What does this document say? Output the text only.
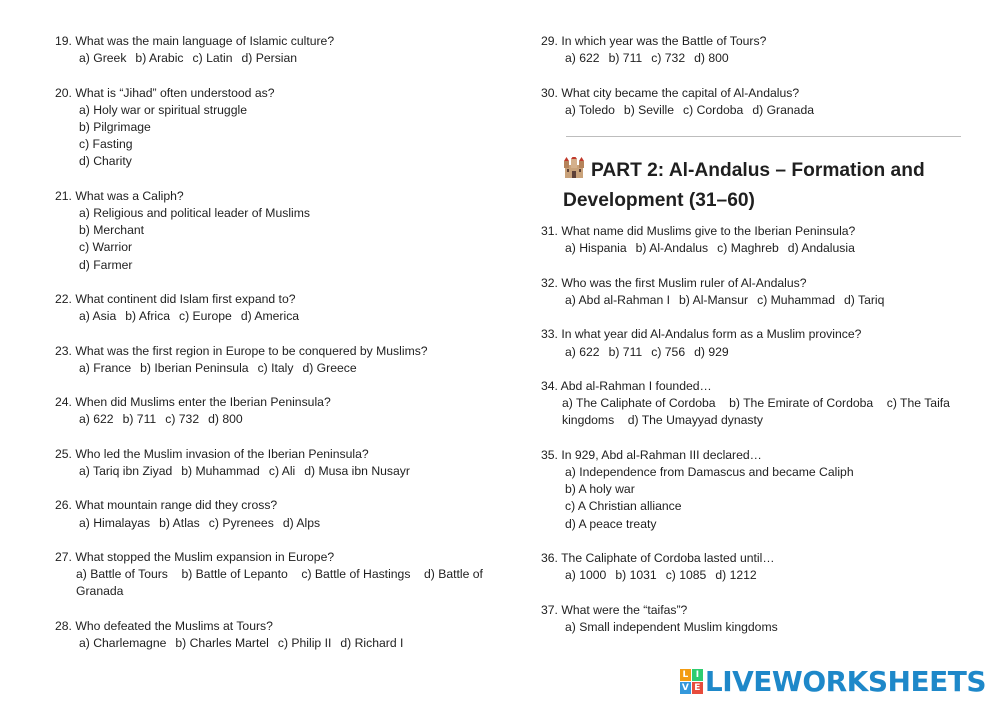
19. What was the main language of Islamic culture?
a) Greek b) Arabic c) Latin d) Persian
20. What is “Jihad” often understood as?
a) Holy war or spiritual struggle
b) Pilgrimage
c) Fasting
d) Charity
21. What was a Caliph?
a) Religious and political leader of Muslims
b) Merchant
c) Warrior
d) Farmer
22. What continent did Islam first expand to?
a) Asia b) Africa c) Europe d) America
23. What was the first region in Europe to be conquered by Muslims?
a) France b) Iberian Peninsula c) Italy d) Greece
24. When did Muslims enter the Iberian Peninsula?
a) 622 b) 711 c) 732 d) 800
25. Who led the Muslim invasion of the Iberian Peninsula?
a) Tariq ibn Ziyad b) Muhammad c) Ali d) Musa ibn Nusayr
26. What mountain range did they cross?
a) Himalayas b) Atlas c) Pyrenees d) Alps
27. What stopped the Muslim expansion in Europe?
a) Battle of Tours    b) Battle of Lepanto    c) Battle of Hastings    d) Battle of Granada
28. Who defeated the Muslims at Tours?
a) Charlemagne b) Charles Martel c) Philip II d) Richard I
29. In which year was the Battle of Tours?
a) 622 b) 711 c) 732 d) 800
30. What city became the capital of Al-Andalus?
a) Toledo b) Seville c) Cordoba d) Granada
PART 2: Al-Andalus – Formation and Development (31–60)
31. What name did Muslims give to the Iberian Peninsula?
a) Hispania b) Al-Andalus c) Maghreb d) Andalusia
32. Who was the first Muslim ruler of Al-Andalus?
a) Abd al-Rahman I b) Al-Mansur c) Muhammad d) Tariq
33. In what year did Al-Andalus form as a Muslim province?
a) 622 b) 711 c) 756 d) 929
34. Abd al-Rahman I founded…
a) The Caliphate of Cordoba    b) The Emirate of Cordoba    c) The Taifa kingdoms    d) The Umayyad dynasty
35. In 929, Abd al-Rahman III declared…
a) Independence from Damascus and became Caliph
b) A holy war
c) A Christian alliance
d) A peace treaty
36. The Caliphate of Cordoba lasted until…
a) 1000 b) 1031 c) 1085 d) 1212
37. What were the “taifas”?
a) Small independent Muslim kingdoms
L I
V E LIVEWORKSHEETS
